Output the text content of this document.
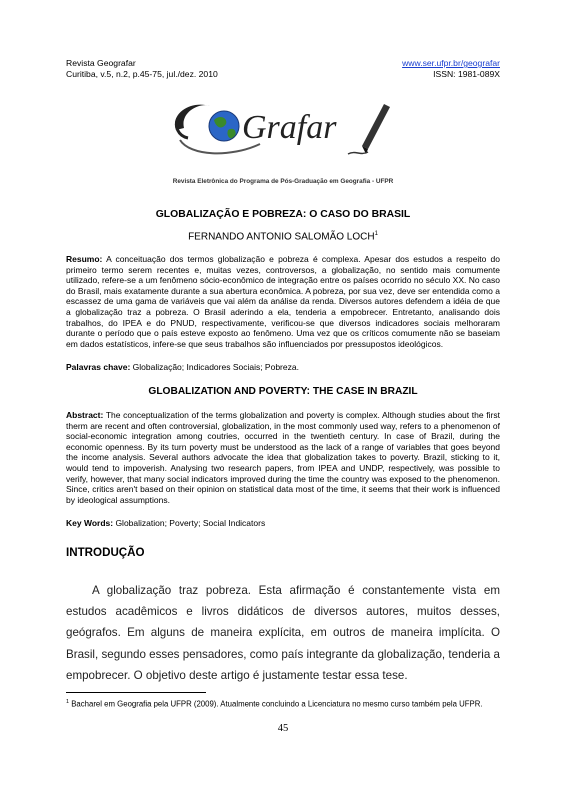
Revista Geografar
Curitiba, v.5, n.2, p.45-75, jul./dez. 2010
www.ser.ufpr.br/geografar
ISSN: 1981-089X
Grafar
Revista Eletrônica do Programa de Pós-Graduação em Geografia - UFPR
GLOBALIZAÇÃO E POBREZA: O CASO DO BRASIL
FERNANDO ANTONIO SALOMÃO LOCH$^1$
Resumo: A conceituação dos termos globalização e pobreza é complexa. Apesar dos estudos a respeito do primeiro termo serem recentes e, muitas vezes, controversos, a globalização, no sentido mais comumente utilizado, refere-se a um fenômeno sócio-econômico de integração entre os países ocorrido no século XX. No caso do Brasil, mais exatamente durante a sua abertura econômica. A pobreza, por sua vez, deve ser entendida como a escassez de uma gama de variáveis que vai além da análise da renda. Diversos autores defendem a idéia de que a globalização traz a pobreza. O Brasil aderindo a ela, tenderia a empobrecer. Entretanto, analisando dois trabalhos, do IPEA e do PNUD, respectivamente, verificou-se que diversos indicadores sociais melhoraram durante o período que o país esteve exposto ao fenômeno. Uma vez que os críticos comumente não se baseiam em dados estatísticos, infere-se que seus trabalhos são influenciados por pressupostos ideológicos.
Palavras chave: Globalização; Indicadores Sociais; Pobreza.
GLOBALIZATION AND POVERTY: THE CASE IN BRAZIL
Abstract: The conceptualization of the terms globalization and poverty is complex. Although studies about the first therm are recent and often controversial, globalization, in the most commonly used way, refers to a phenomenon of social-economic integration among coutries, occurred in the twentieth century. In case of Brazil, during the economic openness. By its turn poverty must be understood as the lack of a range of variables that goes beyond the income analysis. Several authors advocate the idea that globalization takes to poverty. Brazil, sticking to it, would tend to impoverish. Analysing two research papers, from IPEA and UNDP, respectively, was possible to verify, however, that many social indicators improved during the time the country was exposed to the phenomenon. Since, critics aren't based on their opinion on statistical data most of the time, it seems that their work is influenced by ideological assumptions.
Key Words: Globalization; Poverty; Social Indicators
INTRODUÇÃO
A globalização traz pobreza. Esta afirmação é constantemente vista em estudos acadêmicos e livros didáticos de diversos autores, muitos desses, geógrafos. Em alguns de maneira explícita, em outros de maneira implícita. O Brasil, segundo esses pensadores, como país integrante da globalização, tenderia a empobrecer. O objetivo deste artigo é justamente testar essa tese.
$^1$ Bacharel em Geografia pela UFPR (2009). Atualmente concluindo a Licenciatura no mesmo curso também pela UFPR.
45
